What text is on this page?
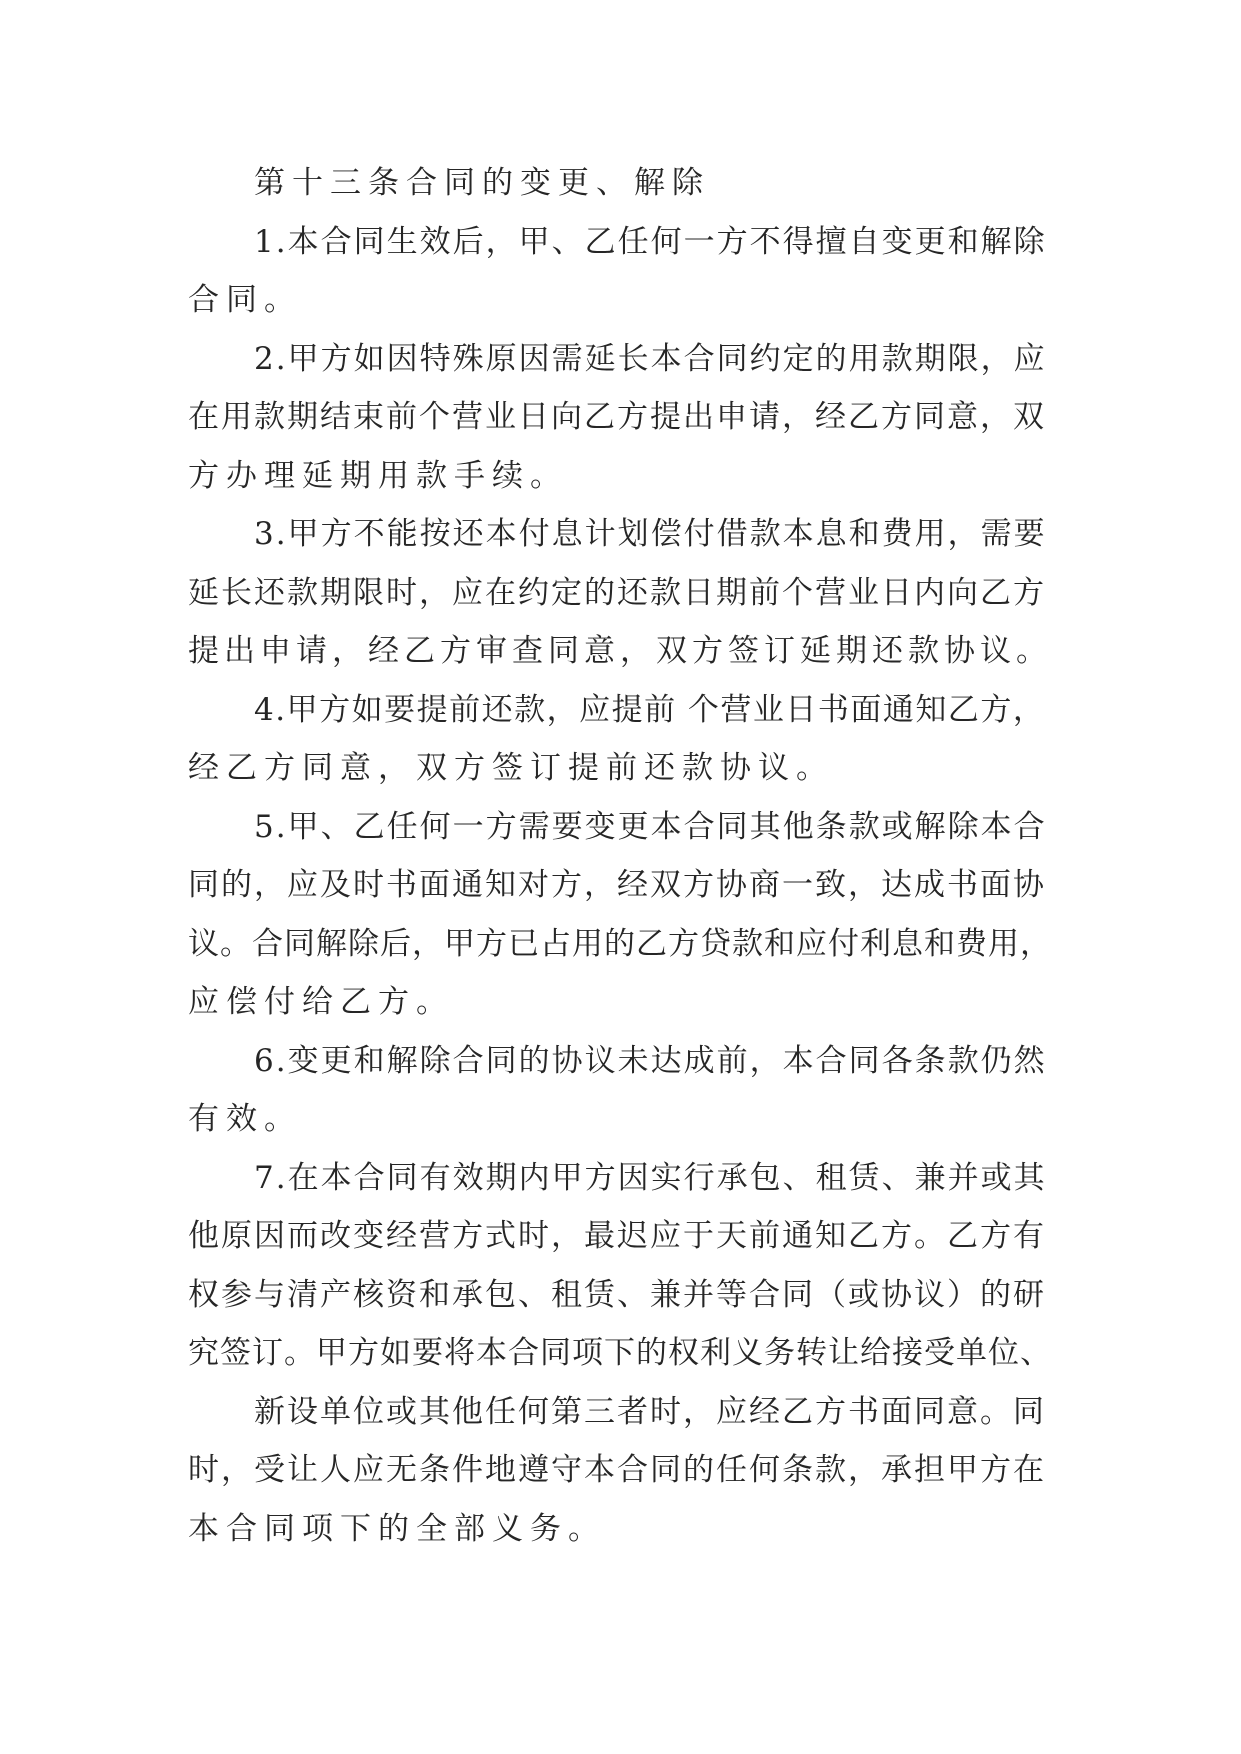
第十三条合同的变更、解除
1.本合同生效后，甲、乙任何一方不得擅自变更和解除
合同。
2.甲方如因特殊原因需延长本合同约定的用款期限，应
在用款期结束前个营业日向乙方提出申请，经乙方同意，双
方办理延期用款手续。
3.甲方不能按还本付息计划偿付借款本息和费用，需要
延长还款期限时，应在约定的还款日期前个营业日内向乙方
提出申请，经乙方审查同意，双方签订延期还款协议。
4.甲方如要提前还款，应提前 个营业日书面通知乙方，
经乙方同意，双方签订提前还款协议。
5.甲、乙任何一方需要变更本合同其他条款或解除本合
同的，应及时书面通知对方，经双方协商一致，达成书面协
议。合同解除后，甲方已占用的乙方贷款和应付利息和费用，
应偿付给乙方。
6.变更和解除合同的协议未达成前，本合同各条款仍然
有效。
7.在本合同有效期内甲方因实行承包、租赁、兼并或其
他原因而改变经营方式时，最迟应于天前通知乙方。乙方有
权参与清产核资和承包、租赁、兼并等合同（或协议）的研
究签订。甲方如要将本合同项下的权利义务转让给接受单位、
新设单位或其他任何第三者时，应经乙方书面同意。同
时，受让人应无条件地遵守本合同的任何条款，承担甲方在
本合同项下的全部义务。
